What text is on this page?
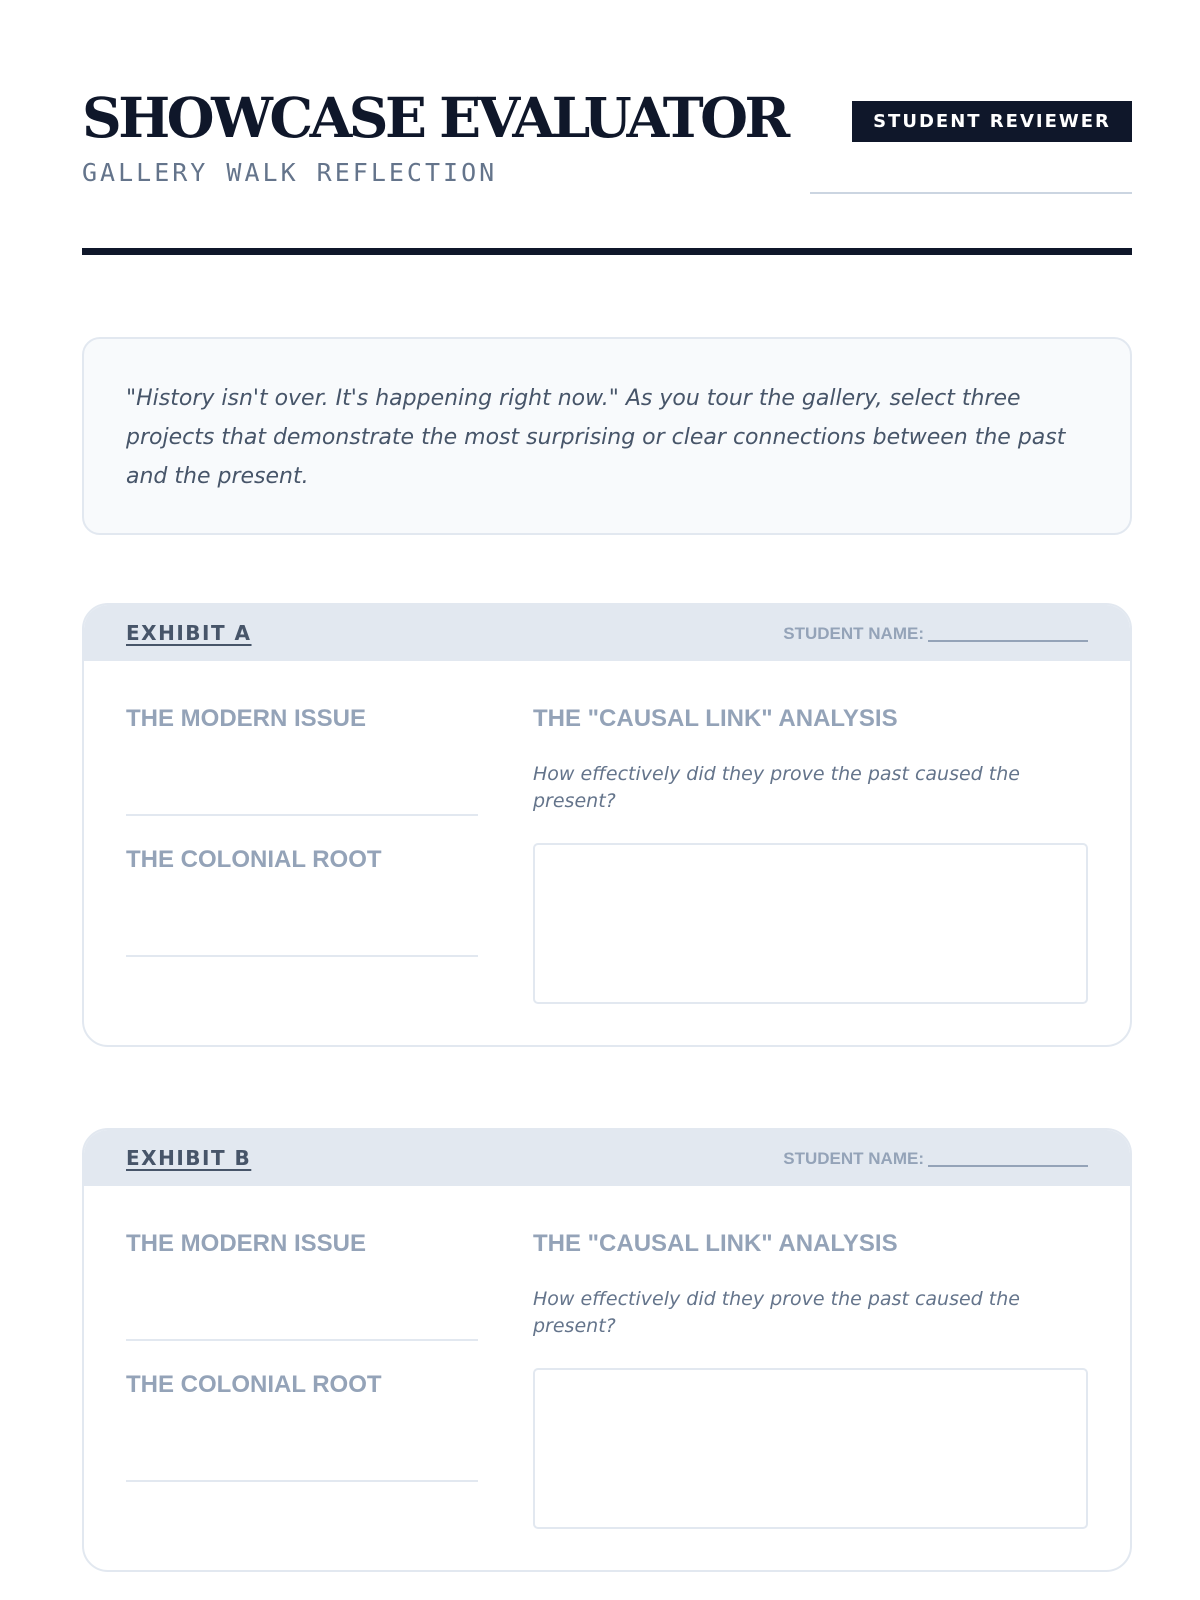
SHOWCASE EVALUATOR
GALLERY WALK REFLECTION
STUDENT REVIEWER

"History isn't over. It's happening right now." As you tour the gallery, select three projects that demonstrate the most surprising or clear connections between the past and the present.

EXHIBIT A	STUDENT NAME:
THE MODERN ISSUE
THE COLONIAL ROOT
THE "CAUSAL LINK" ANALYSIS

How effectively did they prove the past caused the present?

EXHIBIT B	STUDENT NAME:
THE MODERN ISSUE
THE COLONIAL ROOT
THE "CAUSAL LINK" ANALYSIS

How effectively did they prove the past caused the present?
